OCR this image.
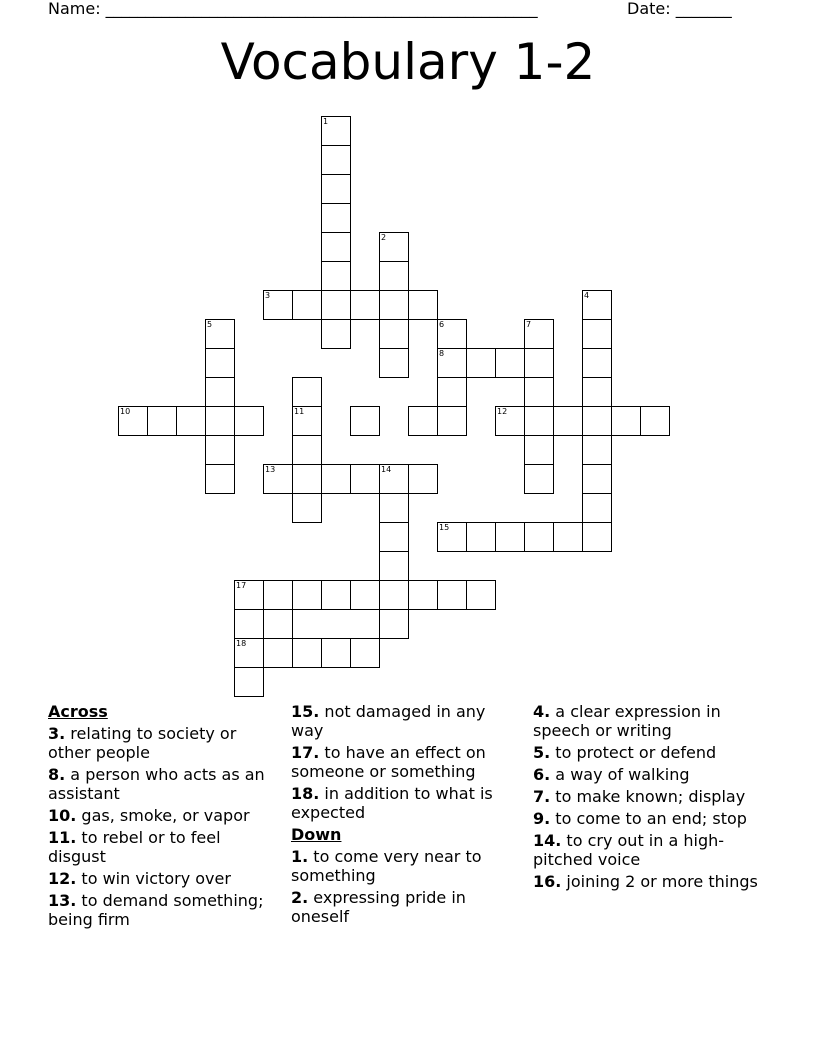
Name: ______________________________________________________	Date: _______
Vocabulary 1-2
1
2
3	4
5	6
8
7
10	11	12
13	14
15
17
18
Across
3. relating to society or other people
8. a person who acts as an assistant
10. gas, smoke, or vapor
11. to rebel or to feel disgust
12. to win victory over
13. to demand something; being firm
15. not damaged in any way
17. to have an effect on someone or something
18. in addition to what is expected
Down
1. to come very near to something
2. expressing pride in oneself
4. a clear expression in speech or writing
5. to protect or defend
6. a way of walking
7. to make known; display
9. to come to an end; stop
14. to cry out in a high-pitched voice
16. joining 2 or more things
